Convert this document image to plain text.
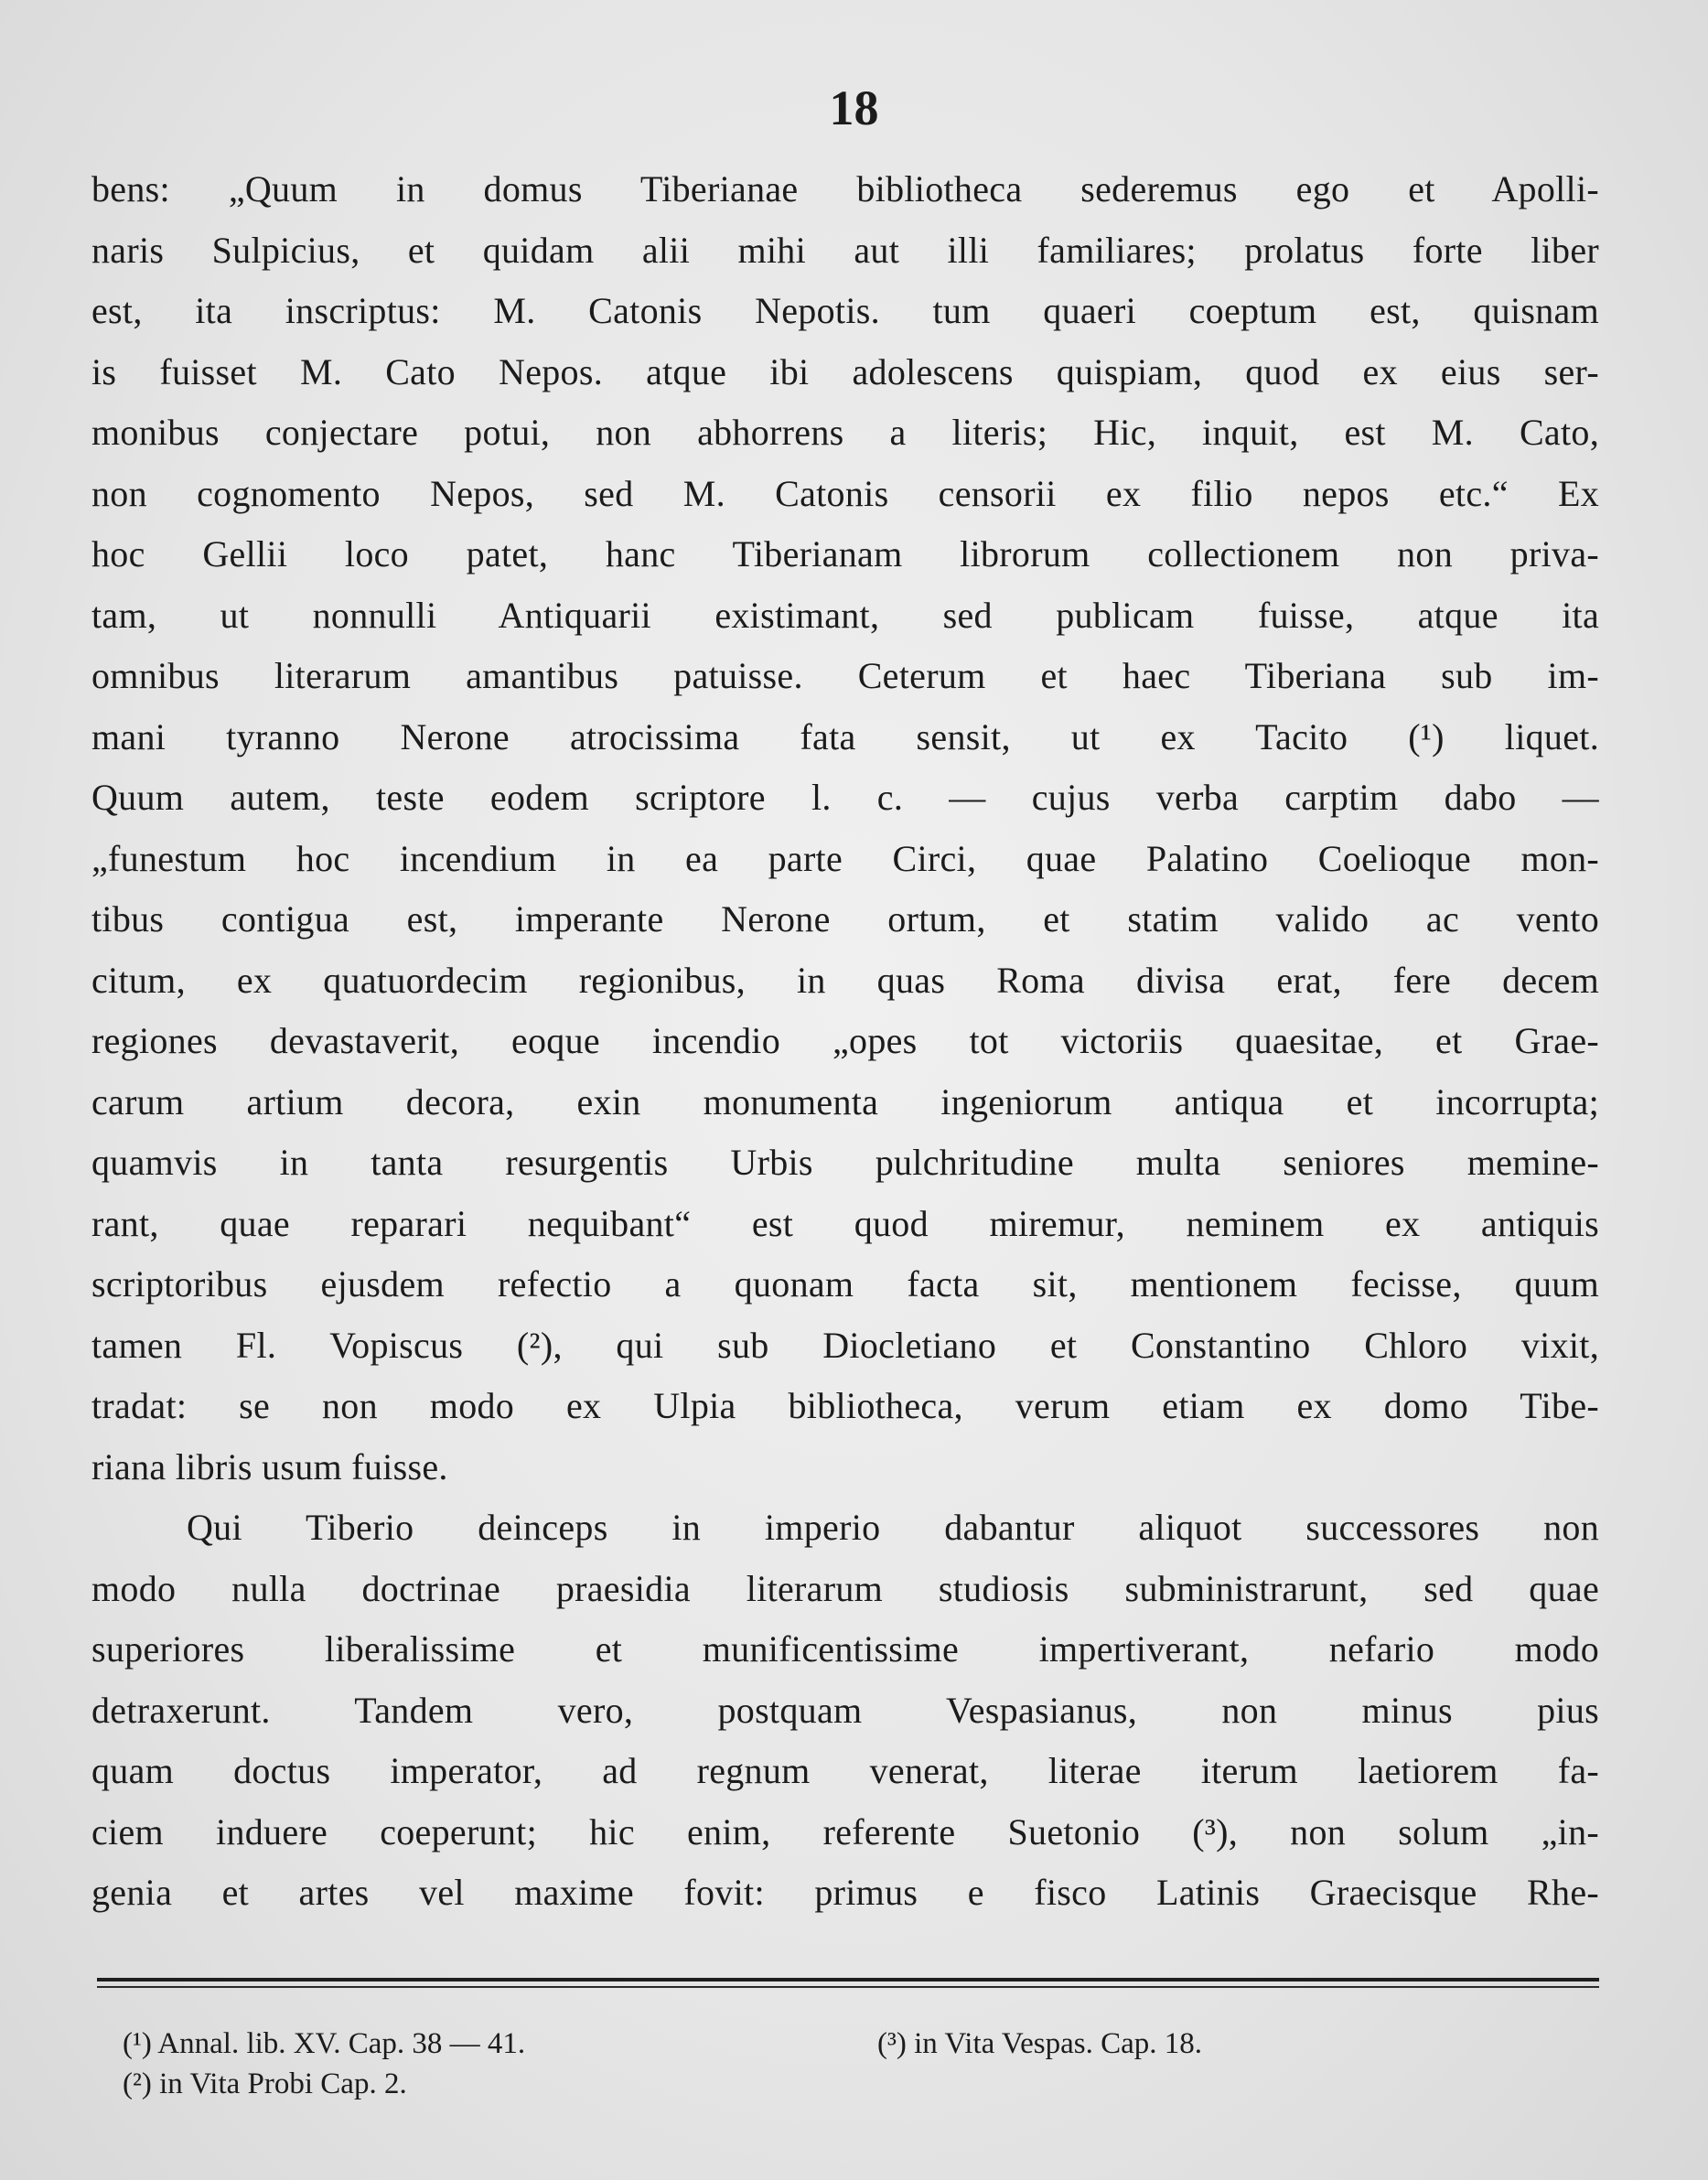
18
bens: „Quum in domus Tiberianae bibliotheca sederemus ego et Apolli-
naris Sulpicius, et quidam alii mihi aut illi familiares; prolatus forte liber
est, ita inscriptus: M. Catonis Nepotis. tum quaeri coeptum est, quisnam
is fuisset M. Cato Nepos. atque ibi adolescens quispiam, quod ex eius ser-
monibus conjectare potui, non abhorrens a literis; Hic, inquit, est M. Cato,
non cognomento Nepos, sed M. Catonis censorii ex filio nepos etc.“ Ex
hoc Gellii loco patet, hanc Tiberianam librorum collectionem non priva-
tam, ut nonnulli Antiquarii existimant, sed publicam fuisse, atque ita
omnibus literarum amantibus patuisse. Ceterum et haec Tiberiana sub im-
mani tyranno Nerone atrocissima fata sensit, ut ex Tacito (¹) liquet.
Quum autem, teste eodem scriptore l. c. — cujus verba carptim dabo —
„funestum hoc incendium in ea parte Circi, quae Palatino Coelioque mon-
tibus contigua est, imperante Nerone ortum, et statim valido ac vento
citum, ex quatuordecim regionibus, in quas Roma divisa erat, fere decem
regiones devastaverit, eoque incendio „opes tot victoriis quaesitae, et Grae-
carum artium decora, exin monumenta ingeniorum antiqua et incorrupta;
quamvis in tanta resurgentis Urbis pulchritudine multa seniores memine-
rant, quae reparari nequibant“ est quod miremur, neminem ex antiquis
scriptoribus ejusdem refectio a quonam facta sit, mentionem fecisse, quum
tamen Fl. Vopiscus (²), qui sub Diocletiano et Constantino Chloro vixit,
tradat: se non modo ex Ulpia bibliotheca, verum etiam ex domo Tibe-
riana libris usum fuisse.
Qui Tiberio deinceps in imperio dabantur aliquot successores non
modo nulla doctrinae praesidia literarum studiosis subministrarunt, sed quae
superiores liberalissime et munificentissime impertiverant, nefario modo
detraxerunt. Tandem vero, postquam Vespasianus, non minus pius
quam doctus imperator, ad regnum venerat, literae iterum laetiorem fa-
ciem induere coeperunt; hic enim, referente Suetonio (³), non solum „in-
genia et artes vel maxime fovit: primus e fisco Latinis Graecisque Rhe-
(¹) Annal. lib. XV. Cap. 38 — 41.	(³) in Vita Vespas. Cap. 18.
(²) in Vita Probi Cap. 2.
